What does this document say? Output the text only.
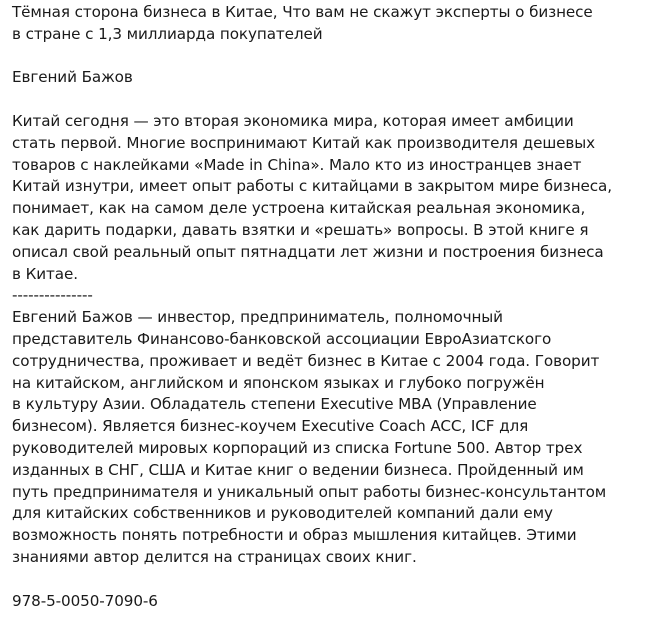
Тёмная сторона бизнеса в Китае, Что вам не скажут эксперты о бизнесе
в стране с 1,3 миллиарда покупателей

Евгений Бажов

Китай сегодня — это вторая экономика мира, которая имеет амбиции
стать первой. Многие воспринимают Китай как производителя дешевых
товаров с наклейками «Made in China». Мало кто из иностранцев знает
Китай изнутри, имеет опыт работы с китайцами в закрытом мире бизнеса,
понимает, как на самом деле устроена китайская реальная экономика,
как дарить подарки, давать взятки и «решать» вопросы. В этой книге я
описал свой реальный опыт пятнадцати лет жизни и построения бизнеса
в Китае.

---------------

Евгений Бажов — инвестор, предприниматель, полномочный
представитель Финансово-банковской ассоциации ЕвроАзиатского
сотрудничества, проживает и ведёт бизнес в Китае с 2004 года. Говорит
на китайском, английском и японском языках и глубоко погружён
в культуру Азии. Обладатель степени Executive MBA (Управление
бизнесом). Является бизнес-коучем Executive Coach ACC, ICF для
руководителей мировых корпораций из списка Fortune 500. Автор трех
изданных в СНГ, США и Китае книг о ведении бизнеса. Пройденный им
путь предпринимателя и уникальный опыт работы бизнес-консультантом
для китайских собственников и руководителей компаний дали ему
возможность понять потребности и образ мышления китайцев. Этими
знаниями автор делится на страницах своих книг.

978-5-0050-7090-6
